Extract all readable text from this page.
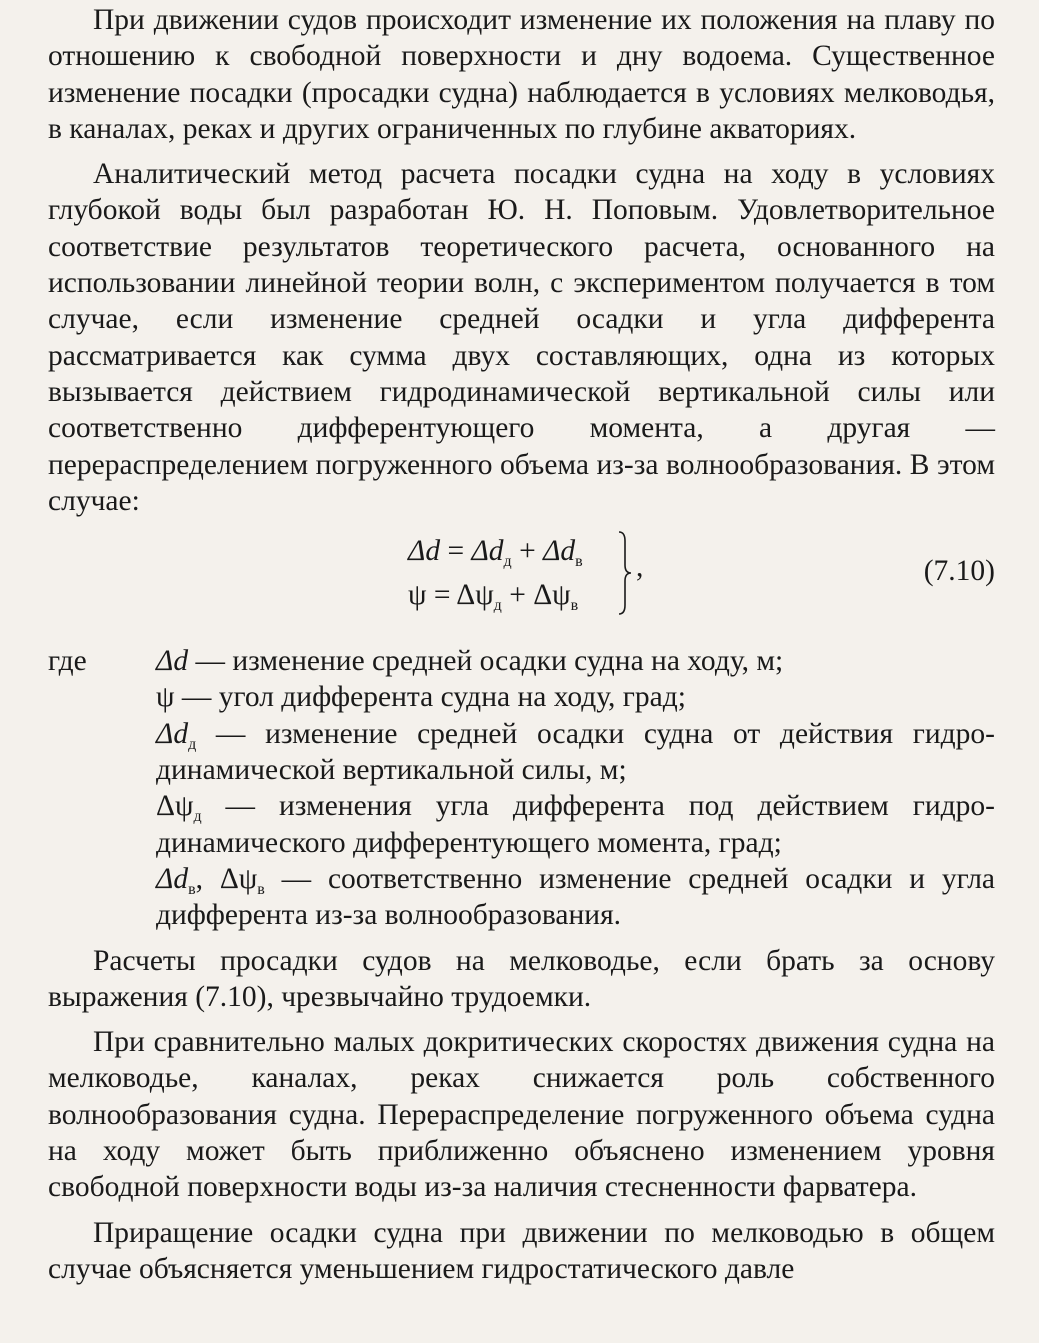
При движении судов происходит изменение их положения на плаву по отношению к свободной поверхности и дну водоема. Существенное изменение посадки (просадки судна) наблюдается в условиях мелководья, в каналах, реках и других ограниченных по глубине акваториях.

Аналитический метод расчета посадки судна на ходу в условиях глубокой воды был разработан Ю. Н. Поповым. Удовлетворительное соответствие результатов теоретического расчета, основанного на использовании линейной теории волн, с экспериментом получается в том случае, если изменение средней осадки и угла дифферента рассматривается как сумма двух составляющих, одна из которых вызывается действием гидродинамической вертикальной силы или соответственно дифферентующего момента, а другая — перераспределением погруженного объема из-за волнообразования. В этом случае:

$\Delta d = \Delta d_д + \Delta d_в$
$\psi = \Delta\psi_д + \Delta\psi_в$
,	(7.10)
где	Δd — изменение средней осадки судна на ходу, м;
ψ — угол дифферента судна на ходу, град;
$\Delta d_д$ — изменение средней осадки судна от действия гидродинамической вертикальной силы, м;
$\Delta\psi_д$ — изменения угла дифферента под действием гидродинамического дифферентующего момента, град;
$\Delta d_в$, $\Delta\psi_в$ — соответственно изменение средней осадки и угла дифферента из-за волнообразования.

Расчеты просадки судов на мелководье, если брать за основу выражения (7.10), чрезвычайно трудоемки.

При сравнительно малых докритических скоростях движения судна на мелководье, каналах, реках снижается роль собственного волнообразования судна. Перераспределение погруженного объема судна на ходу может быть приближенно объяснено изменением уровня свободной поверхности воды из-за наличия стесненности фарватера.

Приращение осадки судна при движении по мелководью в общем случае объясняется уменьшением гидростатического давле
